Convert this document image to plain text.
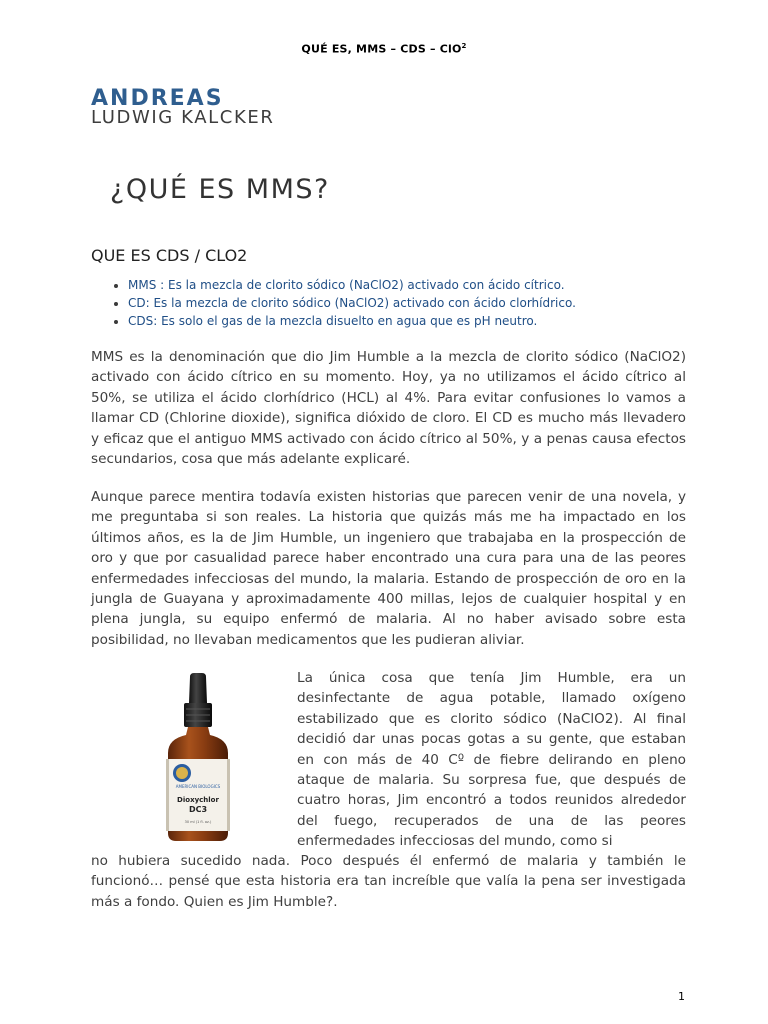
QUÉ ES, MMS – CDS – ClO$^2$
ANDREAS
LUDWIG KALCKER
¿QUÉ ES MMS?
QUE ES CDS / CLO2
• MMS : Es la mezcla de clorito sódico (NaClO2) activado con ácido cítrico.
• CD: Es la mezcla de clorito sódico (NaClO2) activado con ácido clorhídrico.
• CDS: Es solo el gas de la mezcla disuelto en agua que es pH neutro.

MMS es la denominación que dio Jim Humble a la mezcla de clorito sódico (NaClO2) activado con ácido cítrico en su momento. Hoy, ya no utilizamos el ácido cítrico al 50%, se utiliza el ácido clorhídrico (HCL) al 4%. Para evitar confusiones lo vamos a llamar CD (Chlorine dioxide), significa dióxido de cloro. El CD es mucho más llevadero y eficaz que el antiguo MMS activado con ácido cítrico al 50%, y a penas causa efectos secundarios, cosa que más adelante explicaré.

Aunque parece mentira todavía existen historias que parecen venir de una novela, y me preguntaba si son reales. La historia que quizás más me ha impactado en los últimos años, es la de Jim Humble, un ingeniero que trabajaba en la prospección de oro y que por casualidad parece haber encontrado una cura para una de las peores enfermedades infecciosas del mundo, la malaria. Estando de prospección de oro en la jungla de Guayana y aproximadamente 400 millas, lejos de cualquier hospital y en plena jungla, su equipo enfermó de malaria. Al no haber avisado sobre esta posibilidad, no llevaban medicamentos que les pudieran aliviar.

AMERICAN BIOLOGICS
Dioxychlor
DC3
30 ml (1 fl. oz.)

La única cosa que tenía Jim Humble, era un desinfectante de agua potable, llamado oxígeno estabilizado que es clorito sódico (NaClO2). Al final decidió dar unas pocas gotas a su gente, que estaban en con más de 40 Cº de fiebre delirando en pleno ataque de malaria. Su sorpresa fue, que después de cuatro horas, Jim encontró a todos reunidos alrededor del fuego, recuperados de una de las peores enfermedades infecciosas del mundo, como si

no hubiera sucedido nada. Poco después él enfermó de malaria y también le funcionó… pensé que esta historia era tan increíble que valía la pena ser investigada más a fondo. Quien es Jim Humble?.

1
